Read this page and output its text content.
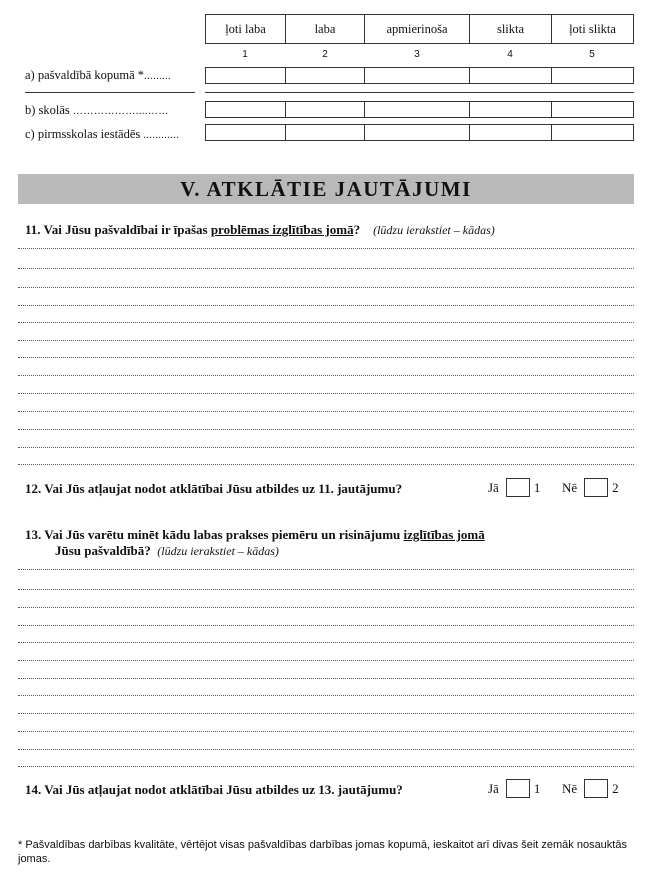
ļoti laba	laba	apmierinoša	slikta	ļoti slikta
1	2	3	4	5
a) pašvaldībā kopumā *.........
b) skolās ………………....……
c) pirmsskolas iestādēs ............
V. ATKLĀTIE JAUTĀJUMI
11. Vai Jūsu pašvaldībai ir īpašas problēmas izglītības jomā? (lūdzu ierakstiet – kādas)
12. Vai Jūs atļaujat nodot atklātībai Jūsu atbildes uz 11. jautājumu?	Jā	1 Nē	2
13. Vai Jūs varētu minēt kādu labas prakses piemēru un risinājumu izglītības jomā
Jūsu pašvaldībā? (lūdzu ierakstiet – kādas)
14. Vai Jūs atļaujat nodot atklātībai Jūsu atbildes uz 13. jautājumu?	Jā	1 Nē	2
* Pašvaldības darbības kvalitāte, vērtējot visas pašvaldības darbības jomas kopumā, ieskaitot arī divas šeit zemāk nosauktās jomas.
